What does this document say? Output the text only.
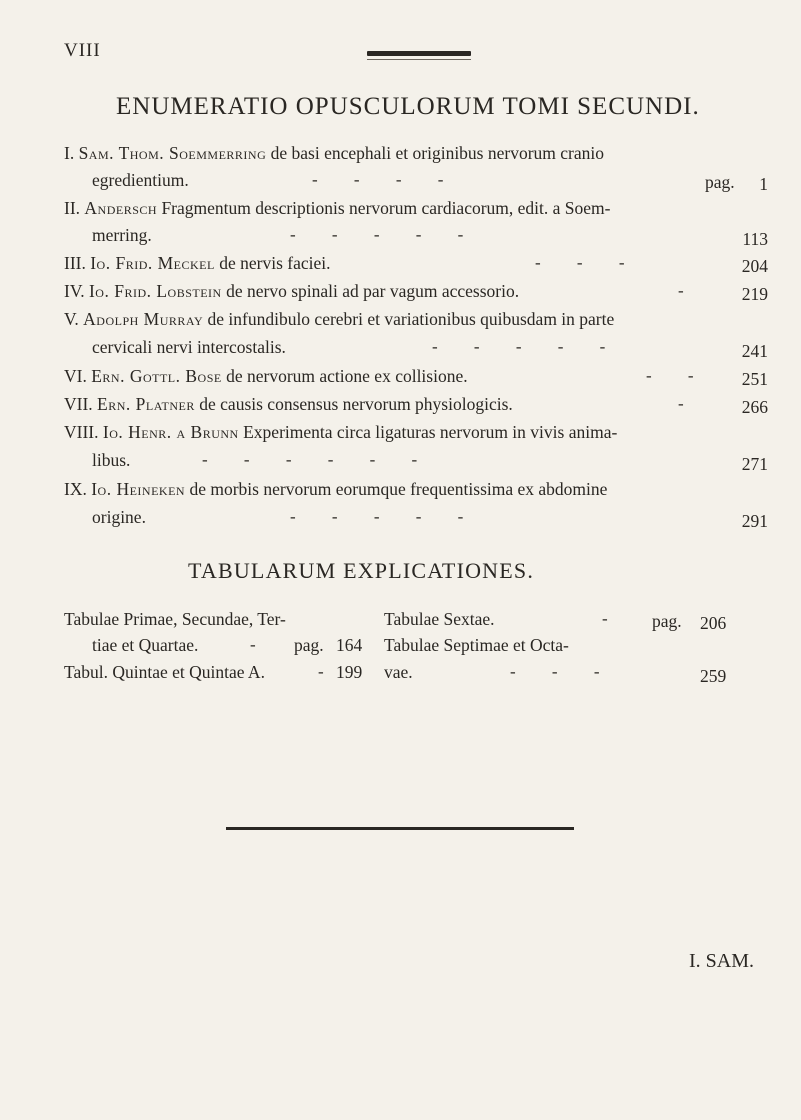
VIII
ENUMERATIO OPUSCULORUM TOMI SECUNDI.
I. Sam. Thom. Soemmerring de basi encephali et originibus nervorum cranio
egredientium.	- - - -	pag.	1
II. Andersch Fragmentum descriptionis nervorum cardiacorum, edit. a Soem-
merring.	- - - - -	113
III. Io. Frid. Meckel de nervis faciei.	- - -	204
IV. Io. Frid. Lobstein de nervo spinali ad par vagum accessorio.	-	219
V. Adolph Murray de infundibulo cerebri et variationibus quibusdam in parte
cervicali nervi intercostalis.	- - - - -	241
VI. Ern. Gottl. Bose de nervorum actione ex collisione.	- -	251
VII. Ern. Platner de causis consensus nervorum physiologicis.	-	266
VIII. Io. Henr. a Brunn Experimenta circa ligaturas nervorum in vivis anima-
libus.	- - - - - -	271
IX. Io. Heineken de morbis nervorum eorumque frequentissima ex abdomine
origine.	- - - - -	291
TABULARUM EXPLICATIONES.
Tabulae Primae, Secundae, Ter-
tiae et Quartae.	- pag. 164
Tabul. Quintae et Quintae A.	- 199
Tabulae Sextae.	-	pag. 206
Tabulae Septimae et Octa-
vae.	- - -	259
I. SAM.
